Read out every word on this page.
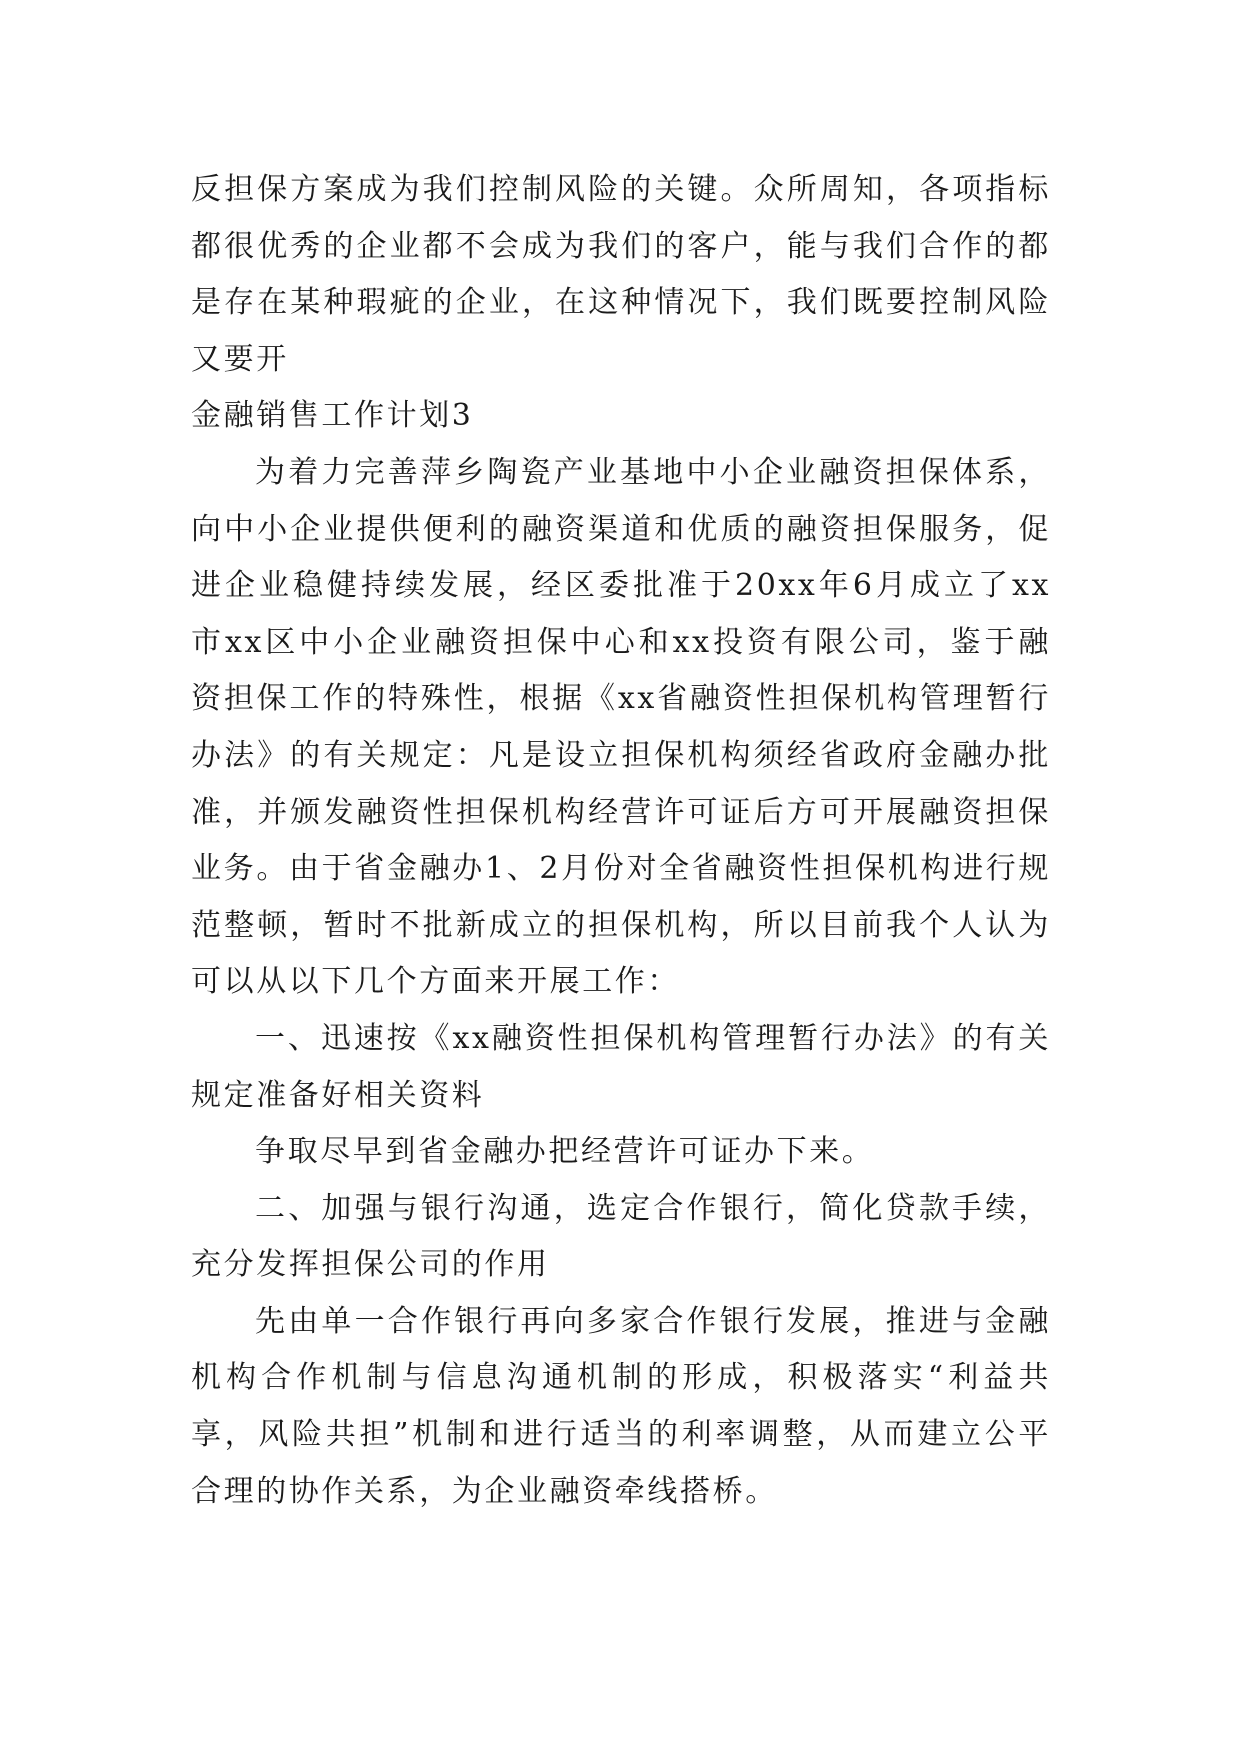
反担保方案成为我们控制风险的关键。众所周知，各项指标都很优秀的企业都不会成为我们的客户，能与我们合作的都是存在某种瑕疵的企业，在这种情况下，我们既要控制风险又要开

金融销售工作计划3

为着力完善萍乡陶瓷产业基地中小企业融资担保体系，向中小企业提供便利的融资渠道和优质的融资担保服务，促进企业稳健持续发展，经区委批准于20xx年6月成立了xx市xx区中小企业融资担保中心和xx投资有限公司，鉴于融资担保工作的特殊性，根据《xx省融资性担保机构管理暂行办法》的有关规定：凡是设立担保机构须经省政府金融办批准，并颁发融资性担保机构经营许可证后方可开展融资担保业务。由于省金融办1、2月份对全省融资性担保机构进行规范整顿，暂时不批新成立的担保机构，所以目前我个人认为可以从以下几个方面来开展工作：

一、迅速按《xx融资性担保机构管理暂行办法》的有关规定准备好相关资料

争取尽早到省金融办把经营许可证办下来。

二、加强与银行沟通，选定合作银行，简化贷款手续，充分发挥担保公司的作用

先由单一合作银行再向多家合作银行发展，推进与金融机构合作机制与信息沟通机制的形成，积极落实“利益共享，风险共担”机制和进行适当的利率调整，从而建立公平合理的协作关系，为企业融资牵线搭桥。
